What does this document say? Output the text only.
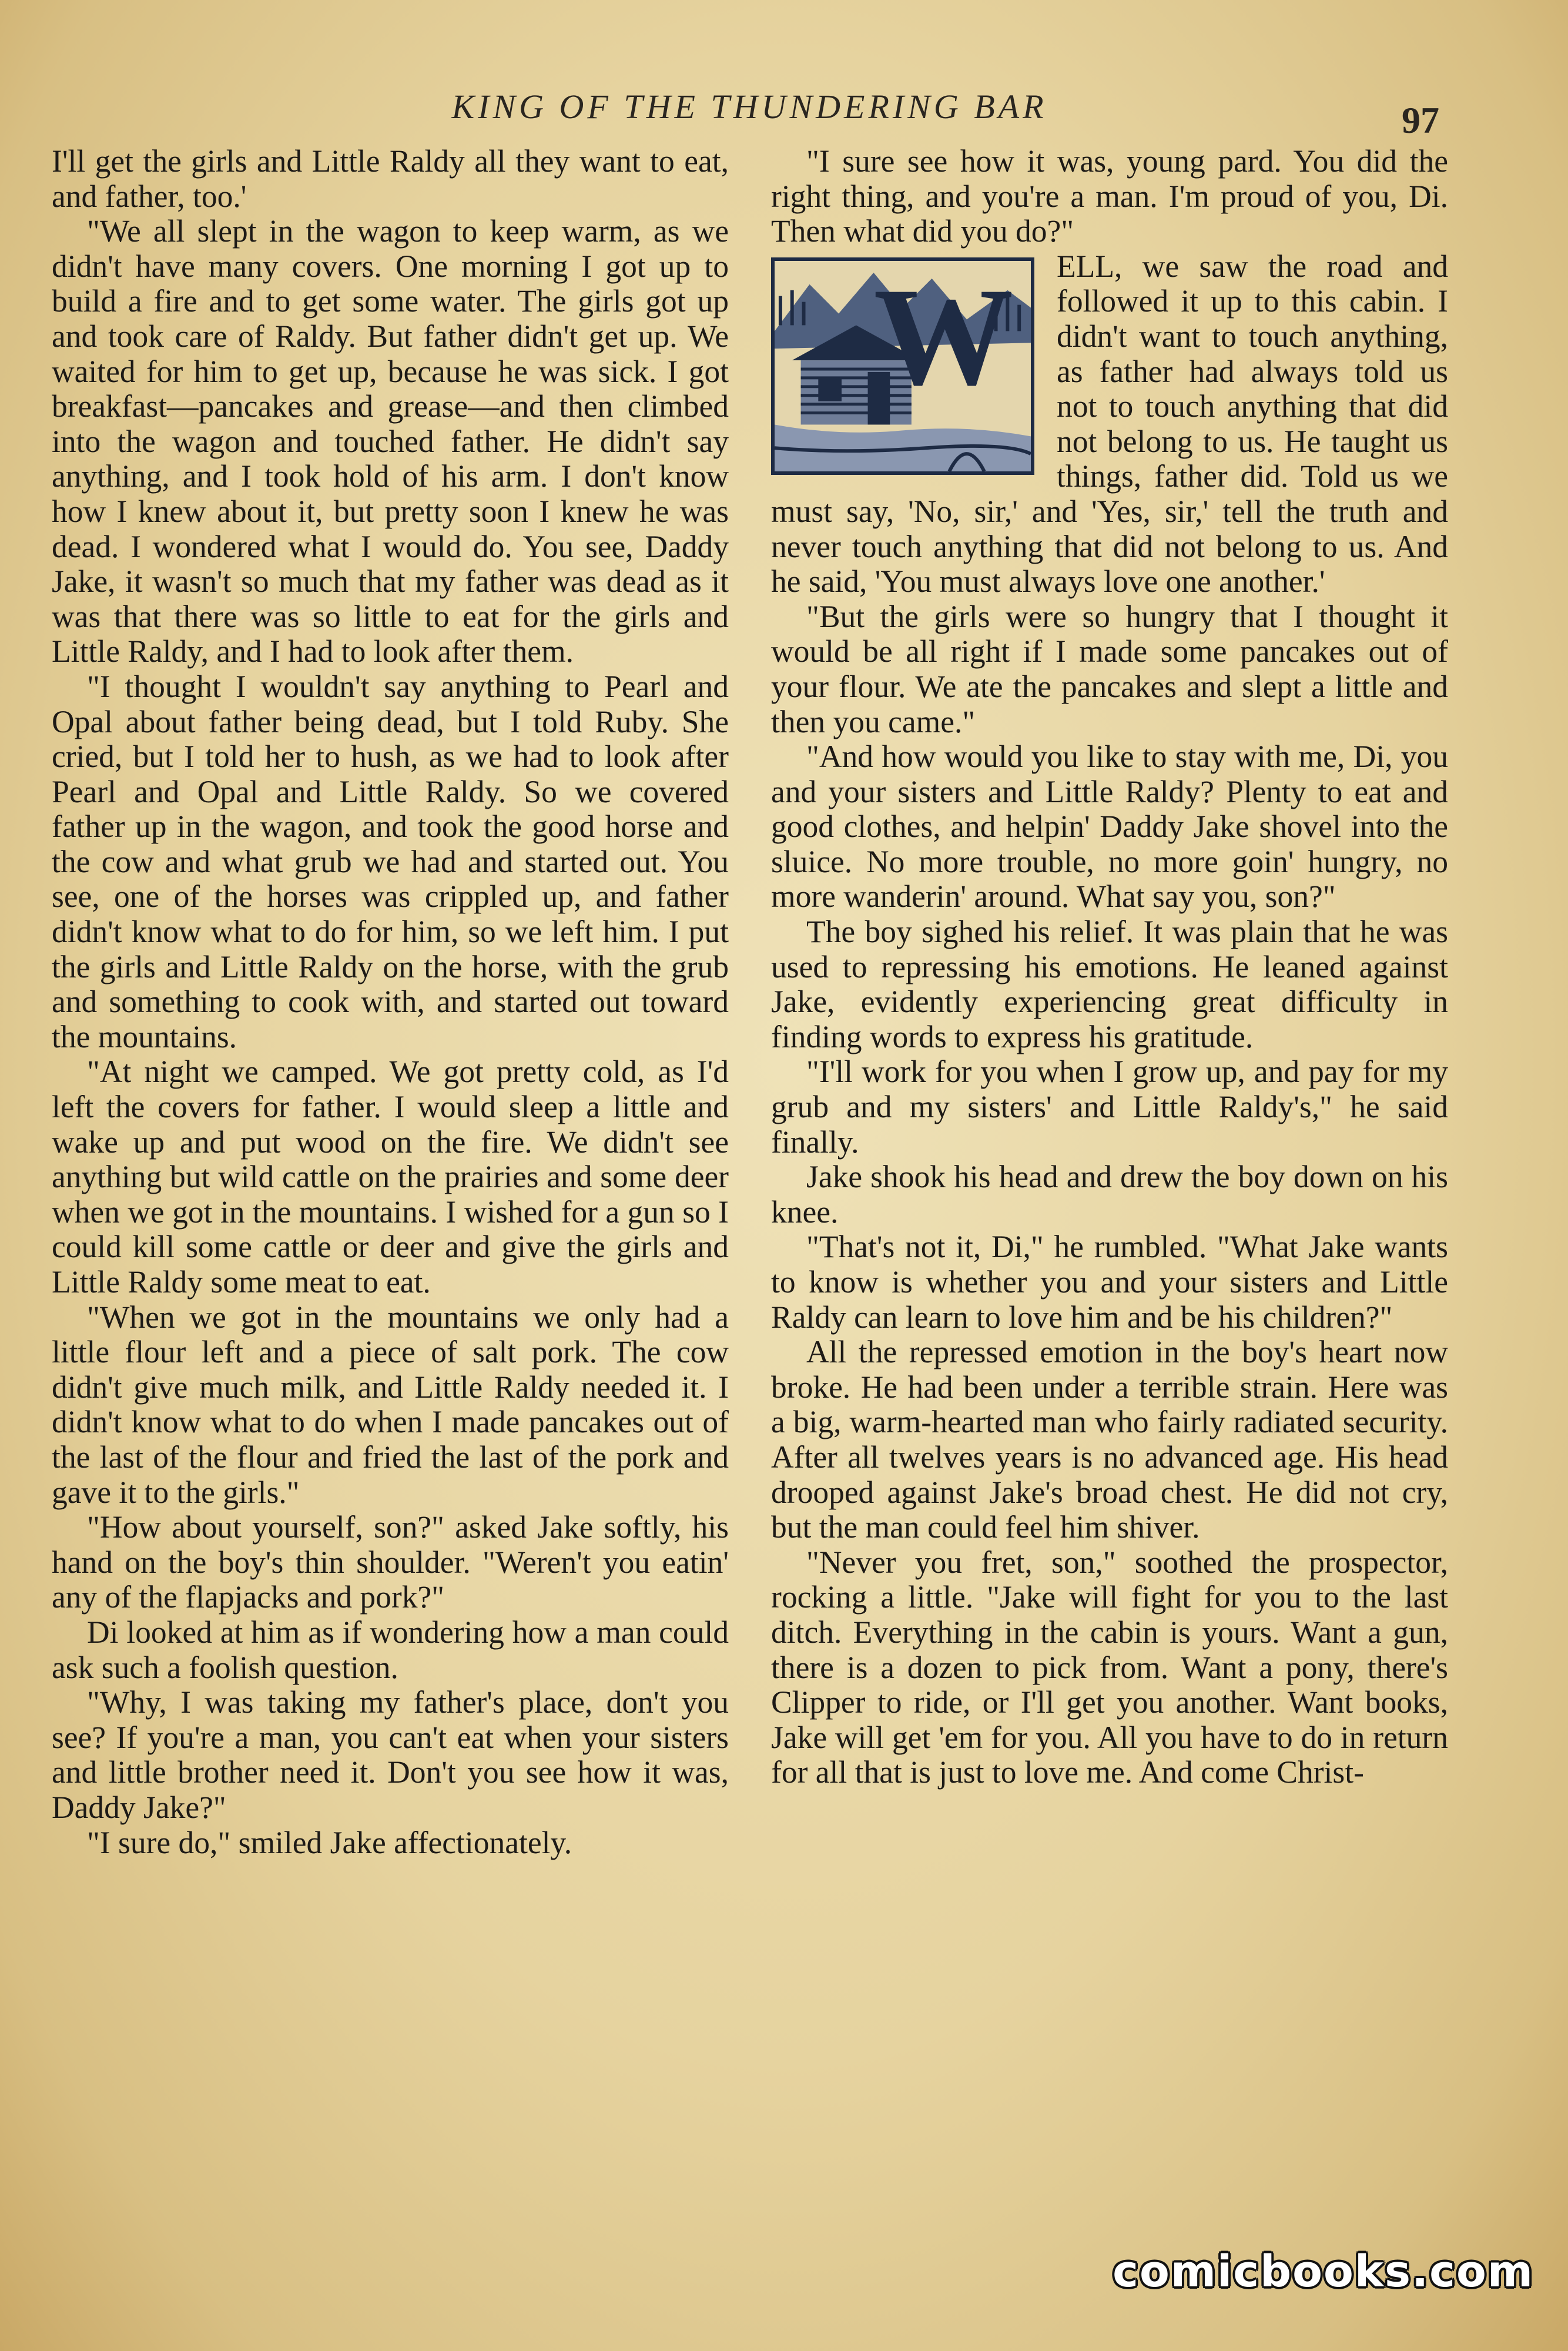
KING OF THE THUNDERING BAR	97

I'll get the girls and Little Raldy all they want to eat, and father, too.'

"We all slept in the wagon to keep warm, as we didn't have many covers. One morning I got up to build a fire and to get some water. The girls got up and took care of Raldy. But father didn't get up. We waited for him to get up, because he was sick. I got breakfast—pancakes and grease—and then climbed into the wagon and touched father. He didn't say anything, and I took hold of his arm. I don't know how I knew about it, but pretty soon I knew he was dead. I wondered what I would do. You see, Daddy Jake, it wasn't so much that my father was dead as it was that there was so little to eat for the girls and Little Raldy, and I had to look after them.

"I thought I wouldn't say anything to Pearl and Opal about father being dead, but I told Ruby. She cried, but I told her to hush, as we had to look after Pearl and Opal and Little Raldy. So we covered father up in the wagon, and took the good horse and the cow and what grub we had and started out. You see, one of the horses was crippled up, and father didn't know what to do for him, so we left him. I put the girls and Little Raldy on the horse, with the grub and something to cook with, and started out toward the mountains.

"At night we camped. We got pretty cold, as I'd left the covers for father. I would sleep a little and wake up and put wood on the fire. We didn't see anything but wild cattle on the prairies and some deer when we got in the mountains. I wished for a gun so I could kill some cattle or deer and give the girls and Little Raldy some meat to eat.

"When we got in the mountains we only had a little flour left and a piece of salt pork. The cow didn't give much milk, and Little Raldy needed it. I didn't know what to do when I made pancakes out of the last of the flour and fried the last of the pork and gave it to the girls."

"How about yourself, son?" asked Jake softly, his hand on the boy's thin shoulder. "Weren't you eatin' any of the flapjacks and pork?"

Di looked at him as if wondering how a man could ask such a foolish question.

"Why, I was taking my father's place, don't you see? If you're a man, you can't eat when your sisters and little brother need it. Don't you see how it was, Daddy Jake?"

"I sure do," smiled Jake affectionately.

"I sure see how it was, young pard. You did the right thing, and you're a man. I'm proud of you, Di. Then what did you do?"

W	ELL, we saw the road and followed it up to this cabin. I didn't want to touch anything, as father had always told us not to touch anything that did not belong to us. He taught us things, father did. Told us we must say, 'No, sir,' and 'Yes, sir,' tell the truth and never touch anything that did not belong to us. And he said, 'You must always love one another.'

"But the girls were so hungry that I thought it would be all right if I made some pancakes out of your flour. We ate the pancakes and slept a little and then you came."

"And how would you like to stay with me, Di, you and your sisters and Little Raldy? Plenty to eat and good clothes, and helpin' Daddy Jake shovel into the sluice. No more trouble, no more goin' hungry, no more wanderin' around. What say you, son?"

The boy sighed his relief. It was plain that he was used to repressing his emotions. He leaned against Jake, evidently experiencing great difficulty in finding words to express his gratitude.

"I'll work for you when I grow up, and pay for my grub and my sisters' and Little Raldy's," he said finally.

Jake shook his head and drew the boy down on his knee.

"That's not it, Di," he rumbled. "What Jake wants to know is whether you and your sisters and Little Raldy can learn to love him and be his children?"

All the repressed emotion in the boy's heart now broke. He had been under a terrible strain. Here was a big, warm-hearted man who fairly radiated security. After all twelves years is no advanced age. His head drooped against Jake's broad chest. He did not cry, but the man could feel him shiver.

"Never you fret, son," soothed the prospector, rocking a little. "Jake will fight for you to the last ditch. Everything in the cabin is yours. Want a gun, there is a dozen to pick from. Want a pony, there's Clipper to ride, or I'll get you another. Want books, Jake will get 'em for you. All you have to do in return for all that is just to love me. And come Christ-

comicbooks.com
